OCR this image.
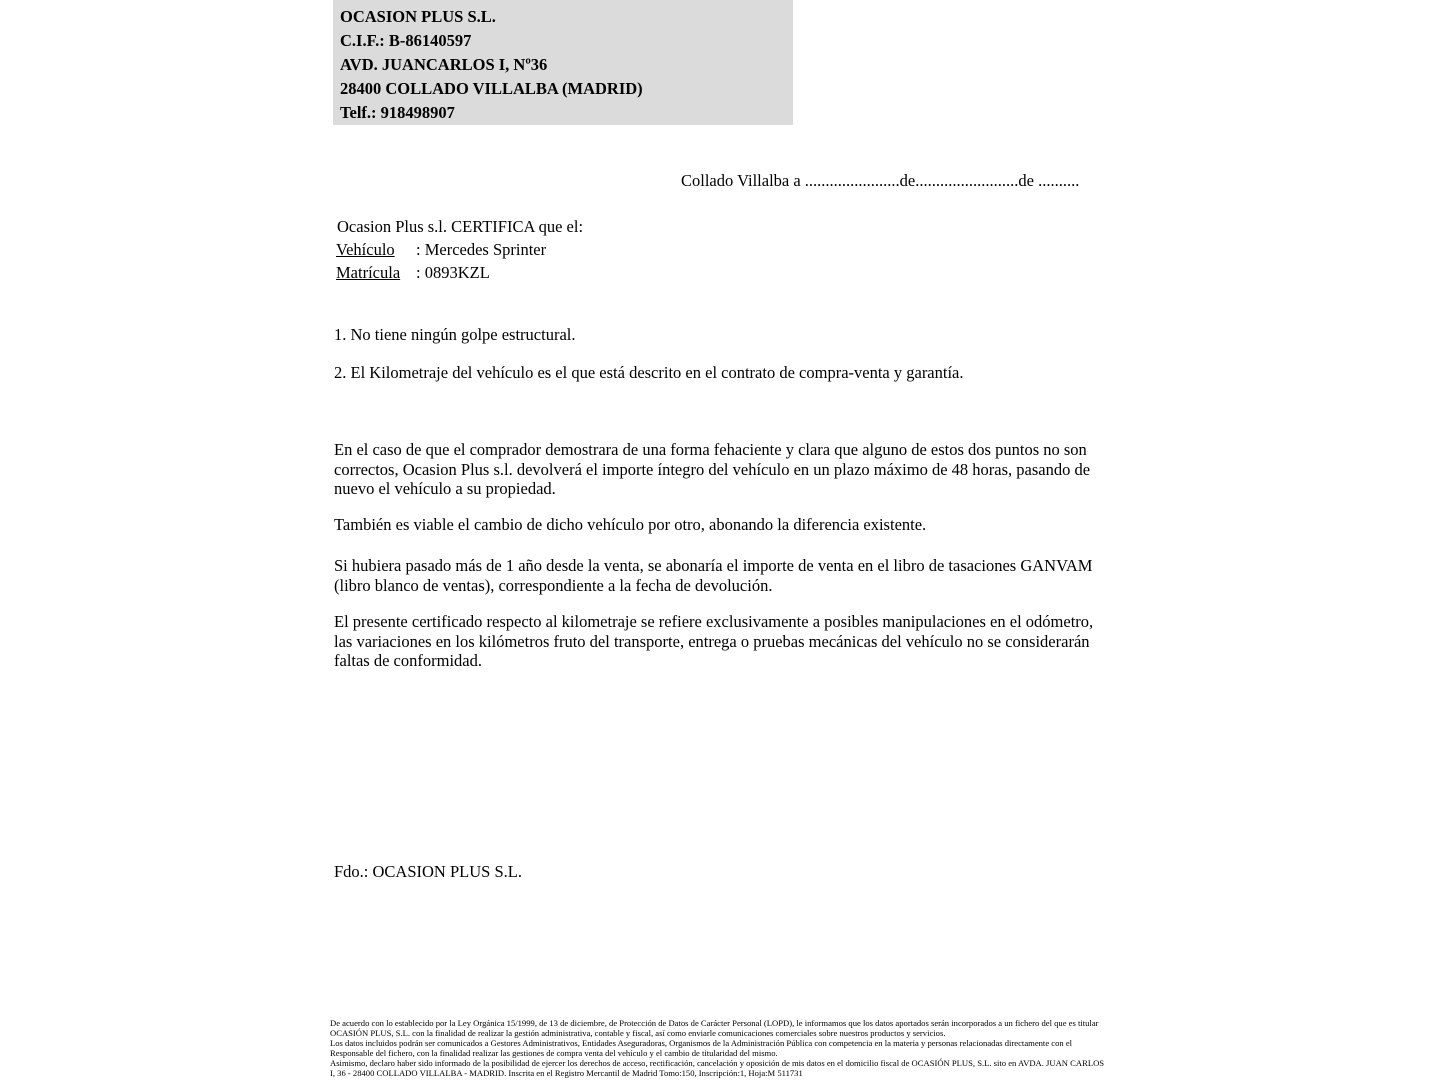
OCASION PLUS S.L.
C.I.F.: B-86140597
AVD. JUANCARLOS I, Nº36
28400 COLLADO VILLALBA (MADRID)
Telf.: 918498907
Collado Villalba a .......................de.........................de ..........
Ocasion Plus s.l. CERTIFICA que el:
Vehículo : Mercedes Sprinter
Matrícula : 0893KZL
1. No tiene ningún golpe estructural.
2. El Kilometraje del vehículo es el que está descrito en el contrato de compra-venta y garantía.
En el caso de que el comprador demostrara de una forma fehaciente y clara que alguno de estos dos puntos no son correctos, Ocasion Plus s.l. devolverá el importe íntegro del vehículo en un plazo máximo de 48 horas, pasando de nuevo el vehículo a su propiedad.
También es viable el cambio de dicho vehículo por otro, abonando la diferencia existente.
Si hubiera pasado más de 1 año desde la venta, se abonaría el importe de venta en el libro de tasaciones GANVAM (libro blanco de ventas), correspondiente a la fecha de devolución.
El presente certificado respecto al kilometraje se refiere exclusivamente a posibles manipulaciones en el odómetro, las variaciones en los kilómetros fruto del transporte, entrega o pruebas mecánicas del vehículo no se considerarán faltas de conformidad.
Fdo.: OCASION PLUS S.L.

De acuerdo con lo establecido por la Ley Orgánica 15/1999, de 13 de diciembre, de Protección de Datos de Carácter Personal (LOPD), le informamos que los datos aportados serán incorporados a un fichero del que es titular OCASIÓN PLUS, S.L. con la finalidad de realizar la gestión administrativa, contable y fiscal, así como enviarle comunicaciones comerciales sobre nuestros productos y servicios.

Los datos incluidos podrán ser comunicados a Gestores Administrativos, Entidades Aseguradoras, Organismos de la Administración Pública con competencia en la materia y personas relacionadas directamente con el Responsable del fichero, con la finalidad realizar las gestiones de compra venta del vehículo y el cambio de titularidad del mismo.

Asimismo, declaro haber sido informado de la posibilidad de ejercer los derechos de acceso, rectificación, cancelación y oposición de mis datos en el domicilio fiscal de OCASIÓN PLUS, S.L. sito en AVDA. JUAN CARLOS I, 36 - 28400 COLLADO VILLALBA - MADRID. Inscrita en el Registro Mercantil de Madrid Tomo:150, Inscripción:1, Hoja:M 511731
